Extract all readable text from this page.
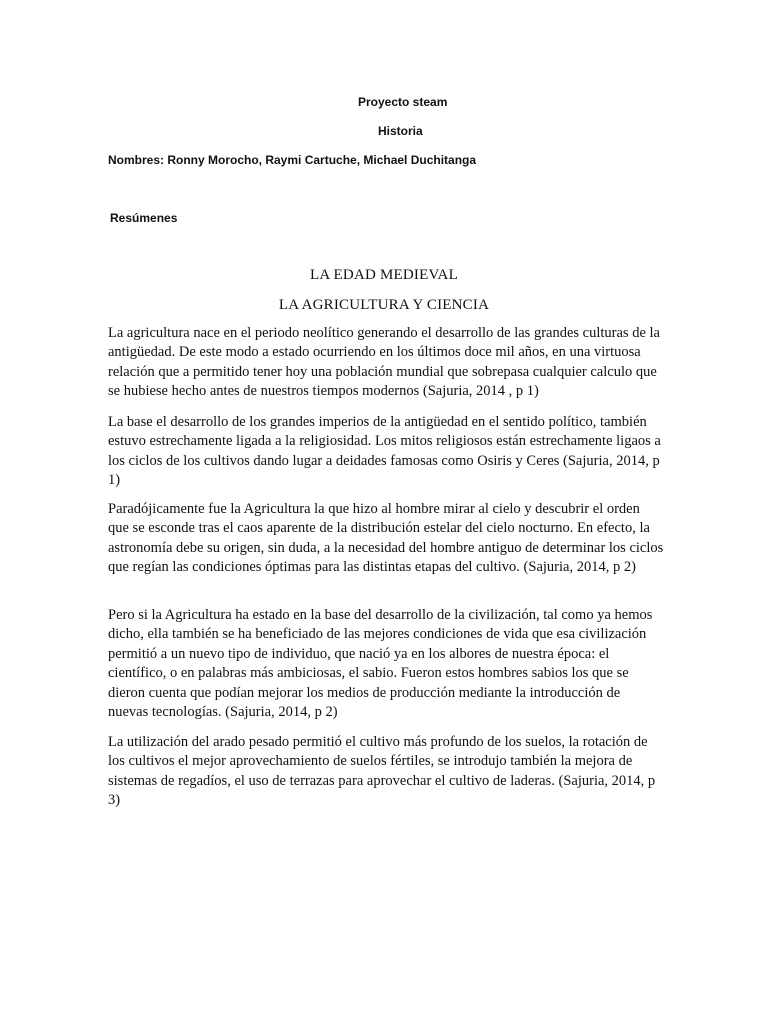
Proyecto steam
Historia
Nombres: Ronny Morocho, Raymi Cartuche, Michael Duchitanga
Resúmenes
LA EDAD MEDIEVAL
LA AGRICULTURA Y CIENCIA

La agricultura nace en el periodo neolítico generando el desarrollo de las grandes culturas de la antigüedad. De este modo a estado ocurriendo en los últimos doce mil años, en una virtuosa relación que a permitido tener hoy una población mundial que sobrepasa cualquier calculo que se hubiese hecho antes de nuestros tiempos modernos (Sajuria, 2014 , p 1)

La base el desarrollo de los grandes imperios de la antigüedad en el sentido político, también estuvo estrechamente ligada a la religiosidad. Los mitos religiosos están estrechamente ligaos a los ciclos de los cultivos dando lugar a deidades famosas como Osiris y Ceres (Sajuria, 2014, p 1)

Paradójicamente fue la Agricultura la que hizo al hombre mirar al cielo y descubrir el orden que se esconde tras el caos aparente de la distribución estelar del cielo nocturno. En efecto, la astronomía debe su origen, sin duda, a la necesidad del hombre antiguo de determinar los ciclos que regían las condiciones óptimas para las distintas etapas del cultivo. (Sajuria, 2014, p 2)

Pero si la Agricultura ha estado en la base del desarrollo de la civilización, tal como ya hemos dicho, ella también se ha beneficiado de las mejores condiciones de vida que esa civilización permitió a un nuevo tipo de individuo, que nació ya en los albores de nuestra época: el científico, o en palabras más ambiciosas, el sabio. Fueron estos hombres sabios los que se dieron cuenta que podían mejorar los medios de producción mediante la introducción de nuevas tecnologías. (Sajuria, 2014, p 2)

La utilización del arado pesado permitió el cultivo más profundo de los suelos, la rotación de los cultivos el mejor aprovechamiento de suelos fértiles, se introdujo también la mejora de sistemas de regadíos, el uso de terrazas para aprovechar el cultivo de laderas. (Sajuria, 2014, p 3)
